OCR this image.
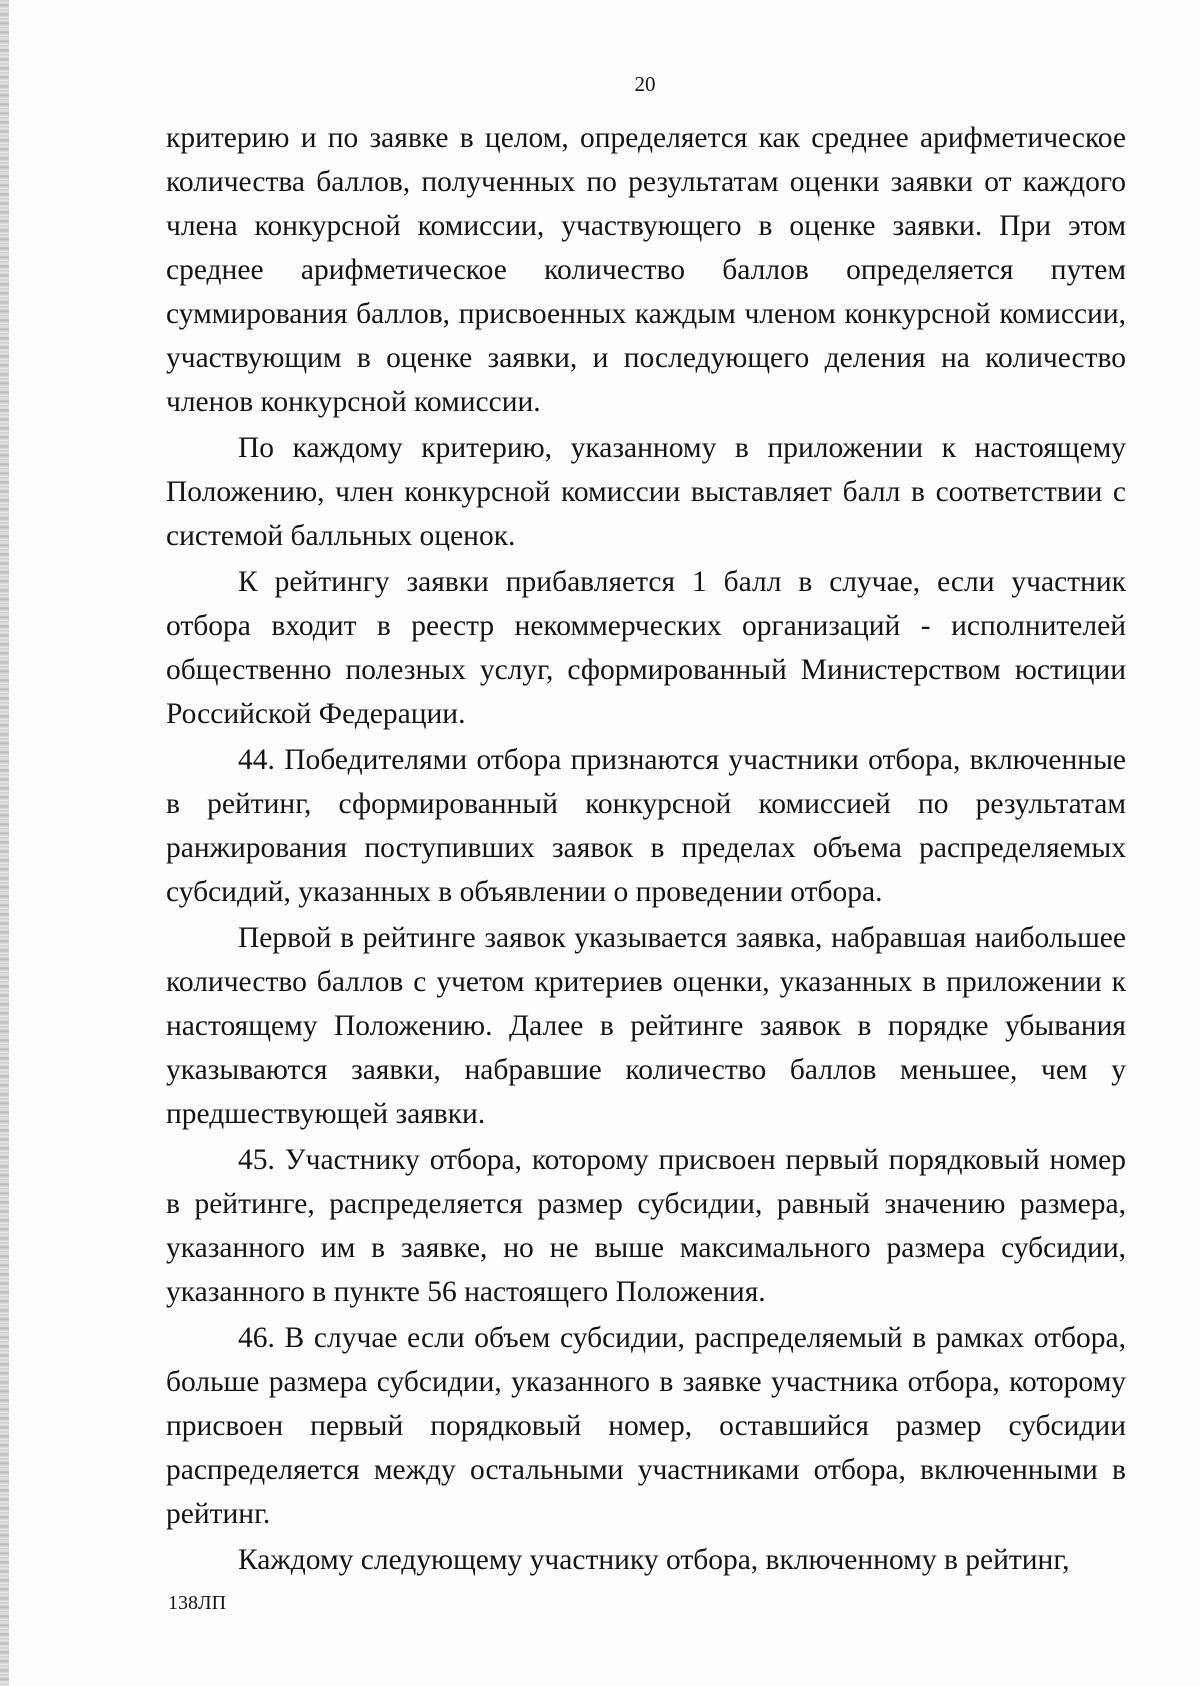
20

критерию и по заявке в целом, определяется как среднее арифметическое количества баллов, полученных по результатам оценки заявки от каждого члена конкурсной комиссии, участвующего в оценке заявки. При этом среднее арифметическое количество баллов определяется путем суммирования баллов, присвоенных каждым членом конкурсной комиссии, участвующим в оценке заявки, и последующего деления на количество членов конкурсной комиссии.

По каждому критерию, указанному в приложении к настоящему Положению, член конкурсной комиссии выставляет балл в соответствии с системой балльных оценок.

К рейтингу заявки прибавляется 1 балл в случае, если участник отбора входит в реестр некоммерческих организаций - исполнителей общественно полезных услуг, сформированный Министерством юстиции Российской Федерации.

44. Победителями отбора признаются участники отбора, включенные в рейтинг, сформированный конкурсной комиссией по результатам ранжирования поступивших заявок в пределах объема распределяемых субсидий, указанных в объявлении о проведении отбора.

Первой в рейтинге заявок указывается заявка, набравшая наибольшее количество баллов с учетом критериев оценки, указанных в приложении к настоящему Положению. Далее в рейтинге заявок в порядке убывания указываются заявки, набравшие количество баллов меньшее, чем у предшествующей заявки.

45. Участнику отбора, которому присвоен первый порядковый номер в рейтинге, распределяется размер субсидии, равный значению размера, указанного им в заявке, но не выше максимального размера субсидии, указанного в пункте 56 настоящего Положения.

46. В случае если объем субсидии, распределяемый в рамках отбора, больше размера субсидии, указанного в заявке участника отбора, которому присвоен первый порядковый номер, оставшийся размер субсидии распределяется между остальными участниками отбора, включенными в рейтинг.

Каждому следующему участнику отбора, включенному в рейтинг,

138ЛП
